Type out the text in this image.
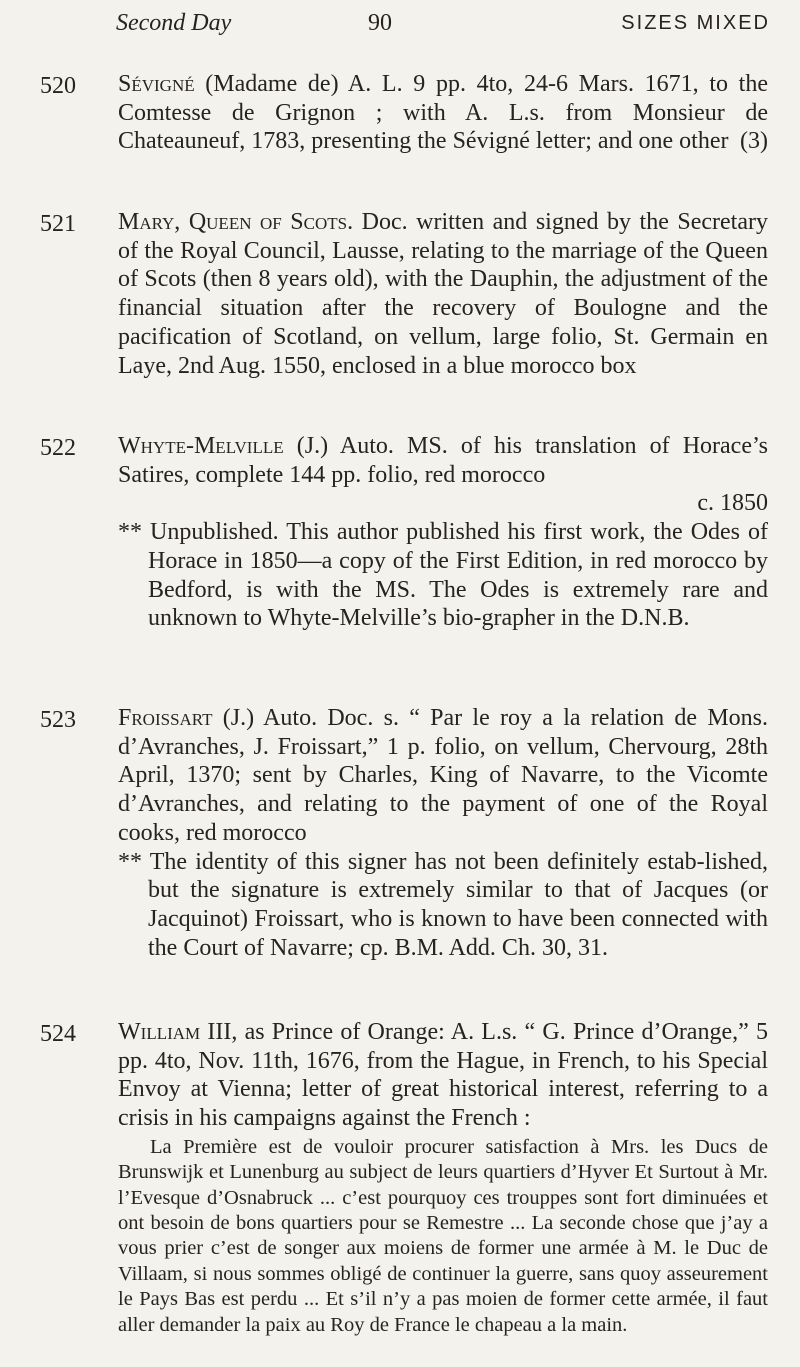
Second Day	90	SIZES MIXED
520 Sévigné (Madame de) A. L. 9 pp. 4to, 24-6 Mars. 1671, to the Comtesse de Grignon ; with A. L.s. from Monsieur de Chateauneuf, 1783, presenting the Sévigné letter; and one other (3)

521 Mary, Queen of Scots. Doc. written and signed by the Secretary of the Royal Council, Lausse, relating to the marriage of the Queen of Scots (then 8 years old), with the Dauphin, the adjustment of the financial situation after the recovery of Boulogne and the pacification of Scotland, on vellum, large folio, St. Germain en Laye, 2nd Aug. 1550, enclosed in a blue morocco box

522 Whyte-Melville (J.) Auto. MS. of his translation of Horace’s Satires, complete 144 pp. folio, red morocco

c. 1850

** Unpublished. This author published his first work, the Odes of Horace in 1850—a copy of the First Edition, in red morocco by Bedford, is with the MS. The Odes is extremely rare and unknown to Whyte-Melville’s bio-grapher in the D.N.B.

523 Froissart (J.) Auto. Doc. s. “ Par le roy a la relation de Mons. d’Avranches, J. Froissart,” 1 p. folio, on vellum, Chervourg, 28th April, 1370; sent by Charles, King of Navarre, to the Vicomte d’Avranches, and relating to the payment of one of the Royal cooks, red morocco

** The identity of this signer has not been definitely estab-lished, but the signature is extremely similar to that of Jacques (or Jacquinot) Froissart, who is known to have been connected with the Court of Navarre; cp. B.M. Add. Ch. 30, 31.

524 William III, as Prince of Orange: A. L.s. “ G. Prince d’Orange,” 5 pp. 4to, Nov. 11th, 1676, from the Hague, in French, to his Special Envoy at Vienna; letter of great historical interest, referring to a crisis in his campaigns against the French :

La Première est de vouloir procurer satisfaction à Mrs. les Ducs de Brunswijk et Lunenburg au subject de leurs quartiers d’Hyver Et Surtout à Mr. l’Evesque d’Osnabruck ... c’est pourquoy ces trouppes sont fort diminuées et ont besoin de bons quartiers pour se Remestre ... La seconde chose que j’ay a vous prier c’est de songer aux moiens de former une armée à M. le Duc de Villaam, si nous sommes obligé de continuer la guerre, sans quoy asseurement le Pays Bas est perdu ... Et s’il n’y a pas moien de former cette armée, il faut aller demander la paix au Roy de France le chapeau a la main.
